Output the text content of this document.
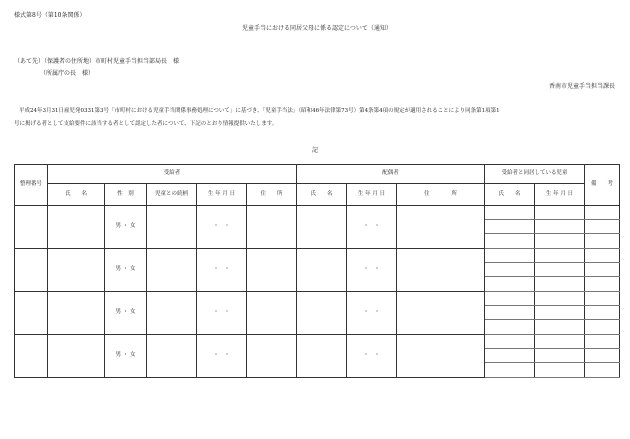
様式第8号（第10条関係）
児童手当における同居父母に係る認定について（通知）
（あて先）（保護者の住所地）市町村児童手当担当部局長　様
（所属庁の長　様）
香南市児童手当担当課長
平成24年3月31日雇児発0331第3号「市町村における児童手当関係事務処理について」に基づき、「児童手当法」（昭和46年法律第73号）第4条第4項の規定が適用されることにより同条第1項第1
号に掲げる者として支給要件に該当する者として認定した者について、下記のとおり情報提供いたします。
記
整理番号	受給者					配偶者			受給者と同居している児童		備　　考
	氏　　名	性　別	児童との続柄	生 年 月 日	住　　所	氏　　名	生 年 月 日	住　　　　所	氏　　名	生 年 月 日	
		男 ・ 女		・　・			・　・				

		男 ・ 女		・　・			・　・				

		男 ・ 女		・　・			・　・				

		男 ・ 女		・　・			・　・				
